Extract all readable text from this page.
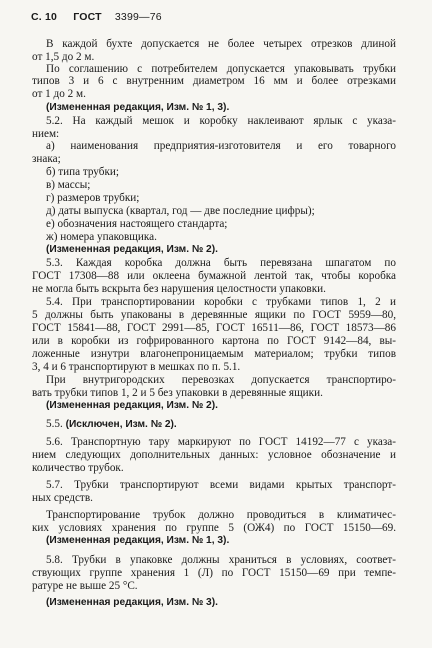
С. 10 ГОСТ 3399—76
В каждой бухте допускается не более четырех отрезков длиной
от 1,5 до 2 м.
По соглашению с потребителем допускается упаковывать трубки
типов 3 и 6 с внутренним диаметром 16 мм и более отрезками
от 1 до 2 м.
(Измененная редакция, Изм. № 1, 3).
5.2. На каждый мешок и коробку наклеивают ярлык с указа-
нием:
а) наименования предприятия-изготовителя и его товарного
знака;
б) типа трубки;
в) массы;
г) размеров трубки;
д) даты выпуска (квартал, год — две последние цифры);
е) обозначения настоящего стандарта;
ж) номера упаковщика.
(Измененная редакция, Изм. № 2).
5.3. Каждая коробка должна быть перевязана шпагатом по
ГОСТ 17308—88 или оклеена бумажной лентой так, чтобы коробка
не могла быть вскрыта без нарушения целостности упаковки.
5.4. При транспортировании коробки с трубками типов 1, 2 и
5 должны быть упакованы в деревянные ящики по ГОСТ 5959—80,
ГОСТ 15841—88, ГОСТ 2991—85, ГОСТ 16511—86, ГОСТ 18573—86
или в коробки из гофрированного картона по ГОСТ 9142—84, вы-
ложенные изнутри влагонепроницаемым материалом; трубки типов
3, 4 и 6 транспортируют в мешках по п. 5.1.
При внутригородских перевозках допускается транспортиро-
вать трубки типов 1, 2 и 5 без упаковки в деревянные ящики.
(Измененная редакция, Изм. № 2).
5.5. (Исключен, Изм. № 2).
5.6. Транспортную тару маркируют по ГОСТ 14192—77 с указа-
нием следующих дополнительных данных: условное обозначение и
количество трубок.
5.7. Трубки транспортируют всеми видами крытых транспорт-
ных средств.
Транспортирование трубок должно проводиться в климатичес-
ких условиях хранения по группе 5 (ОЖ4) по ГОСТ 15150—69.
(Измененная редакция, Изм. № 1, 3).
5.8. Трубки в упаковке должны храниться в условиях, соответ-
ствующих группе хранения 1 (Л) по ГОСТ 15150—69 при темпе-
ратуре не выше 25 °С.
(Измененная редакция, Изм. № 3).
